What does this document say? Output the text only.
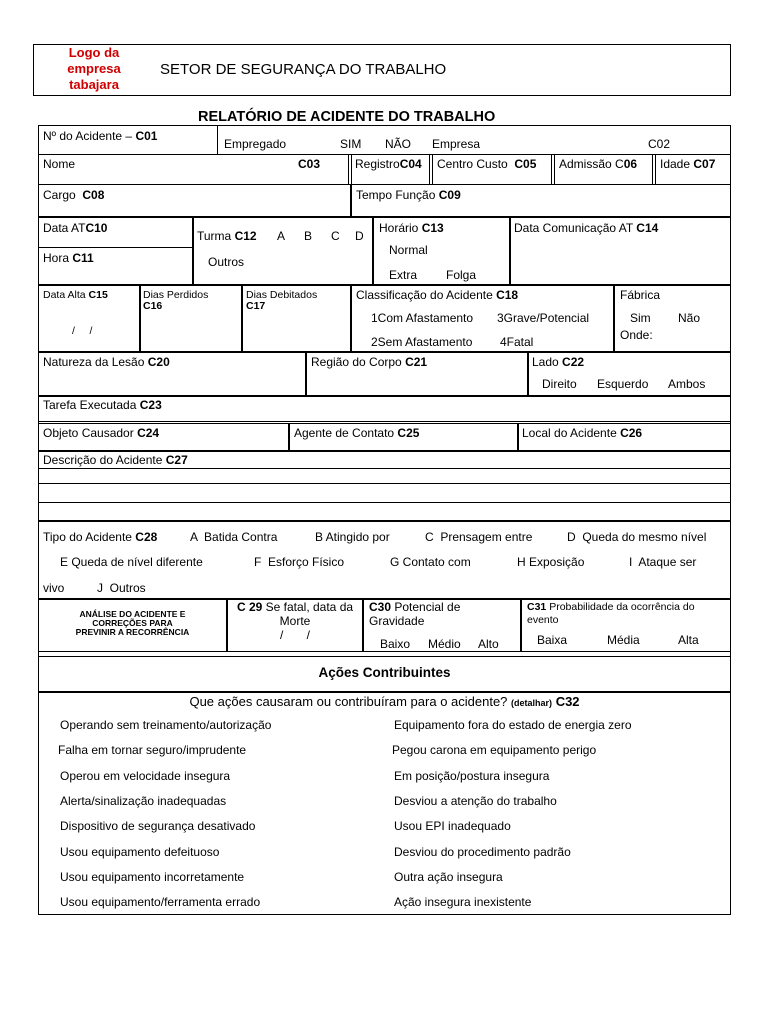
Logo da
empresa
tabajara
SETOR DE SEGURANÇA DO TRABALHO
RELATÓRIO DE ACIDENTE DO TRABALHO
Nº do Acidente – C01
Empregado	SIM NÃO Empresa	C02
Nome	C03	RegistroC04 Centro Custo C05 Admissão C06 Idade C07
Cargo C08	Tempo Função C09
Data ATC10
Hora C11
Turma C12 A B C D
Outros
Horário C13
Normal
Extra Folga
Data Comunicação AT C14
Data Alta C15
/     /
Dias Perdidos
C16
Dias Debitados
C17
Classificação do Acidente C18
1Com Afastamento 3Grave/Potencial
2Sem Afastamento 4Fatal
Fábrica
Sim Não
Onde:
Natureza da Lesão C20	Região do Corpo C21	Lado C22
Direito Esquerdo Ambos
Tarefa Executada C23
Objeto Causador C24	Agente de Contato C25	Local do Acidente C26
Descrição do Acidente C27
Tipo do Acidente C28	A  Batida Contra	B Atingido por	C  Prensagem entre	D  Queda do mesmo nível
E Queda de nível diferente	F  Esforço Físico	G Contato com	H Exposição	I  Ataque ser
vivo	J  Outros
ANÁLISE DO ACIDENTE E
CORREÇÕES PARA
PREVINIR A RECORRÊNCIA
C 29 Se fatal, data da
Morte
/       /
C30 Potencial de
Gravidade
Baixo Médio Alto
C31 Probabilidade da ocorrência do
evento
Baixa	Média	Alta
Ações Contribuintes
Que ações causaram ou contribuíram para o acidente? (detalhar) C32
Operando sem treinamento/autorização
Falha em tornar seguro/imprudente
Operou em velocidade insegura
Alerta/sinalização inadequadas
Dispositivo de segurança desativado
Usou equipamento defeituoso
Usou equipamento incorretamente
Usou equipamento/ferramenta errado
Equipamento fora do estado de energia zero
Pegou carona em equipamento perigo
Em posição/postura insegura
Desviou a atenção do trabalho
Usou EPI inadequado
Desviou do procedimento padrão
Outra ação insegura
Ação insegura inexistente
